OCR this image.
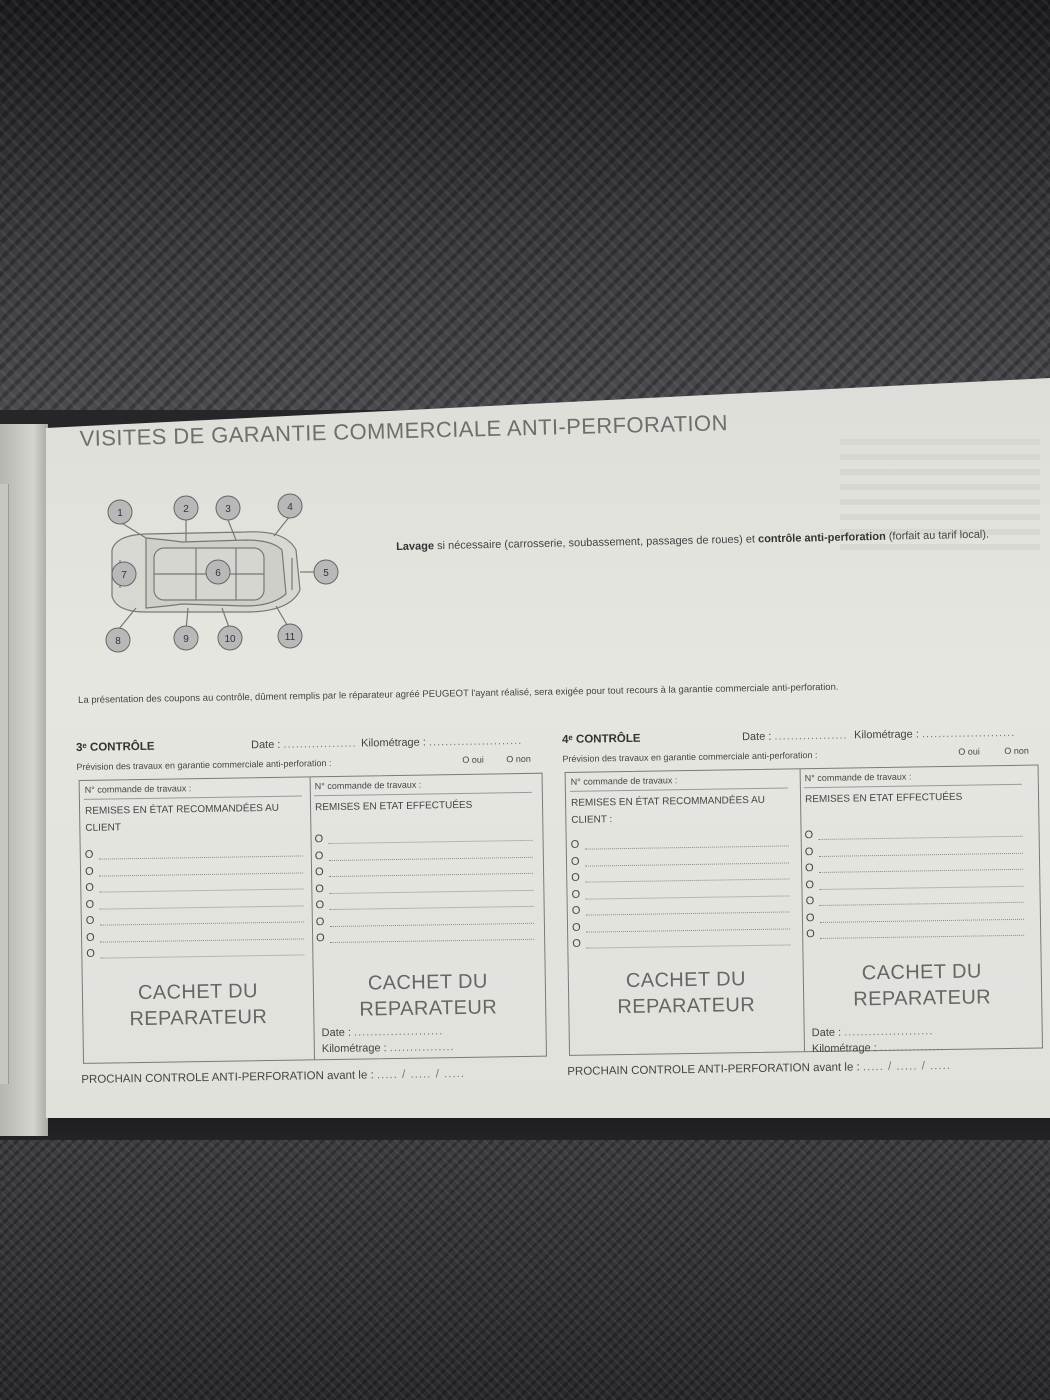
VISITES DE GARANTIE COMMERCIALE ANTI-PERFORATION
1	2	3	4
5
6
7
8	9	10	11
Lavage si nécessaire (carrosserie, soubassement, passages de roues) et contrôle anti-perforation (forfait au tarif local).
La présentation des coupons au contrôle, dûment remplis par le réparateur agréé PEUGEOT l'ayant réalisé, sera exigée pour tout recours à la garantie commerciale anti-perforation.
3ᵉ CONTRÔLE	Date : .................. Kilométrage : .......................
Prévision des travaux en garantie commerciale anti-perforation :	O oui O non
N° commande de travaux :
REMISES EN ÉTAT RECOMMANDÉES AU CLIENT
O
O
O
O
O
O
O
CACHET DU
REPARATEUR
N° commande de travaux :
REMISES EN ETAT EFFECTUÉES
O
O
O
O
O
O
O
CACHET DU
REPARATEUR
Date : ......................
Kilométrage : ................
PROCHAIN CONTROLE ANTI-PERFORATION avant le : ..... / ..... / .....
4ᵉ CONTRÔLE	Date : .................. Kilométrage : .......................
Prévision des travaux en garantie commerciale anti-perforation :	O oui	O non
N° commande de travaux :
REMISES EN ÉTAT RECOMMANDÉES AU CLIENT :
O
O
O
O
O
O
O
CACHET DU
REPARATEUR
N° commande de travaux :
REMISES EN ETAT EFFECTUÉES
O
O
O
O
O
O
O
CACHET DU
REPARATEUR
Date : ......................
Kilométrage : ................
PROCHAIN CONTROLE ANTI-PERFORATION avant le : ..... / ..... / .....
